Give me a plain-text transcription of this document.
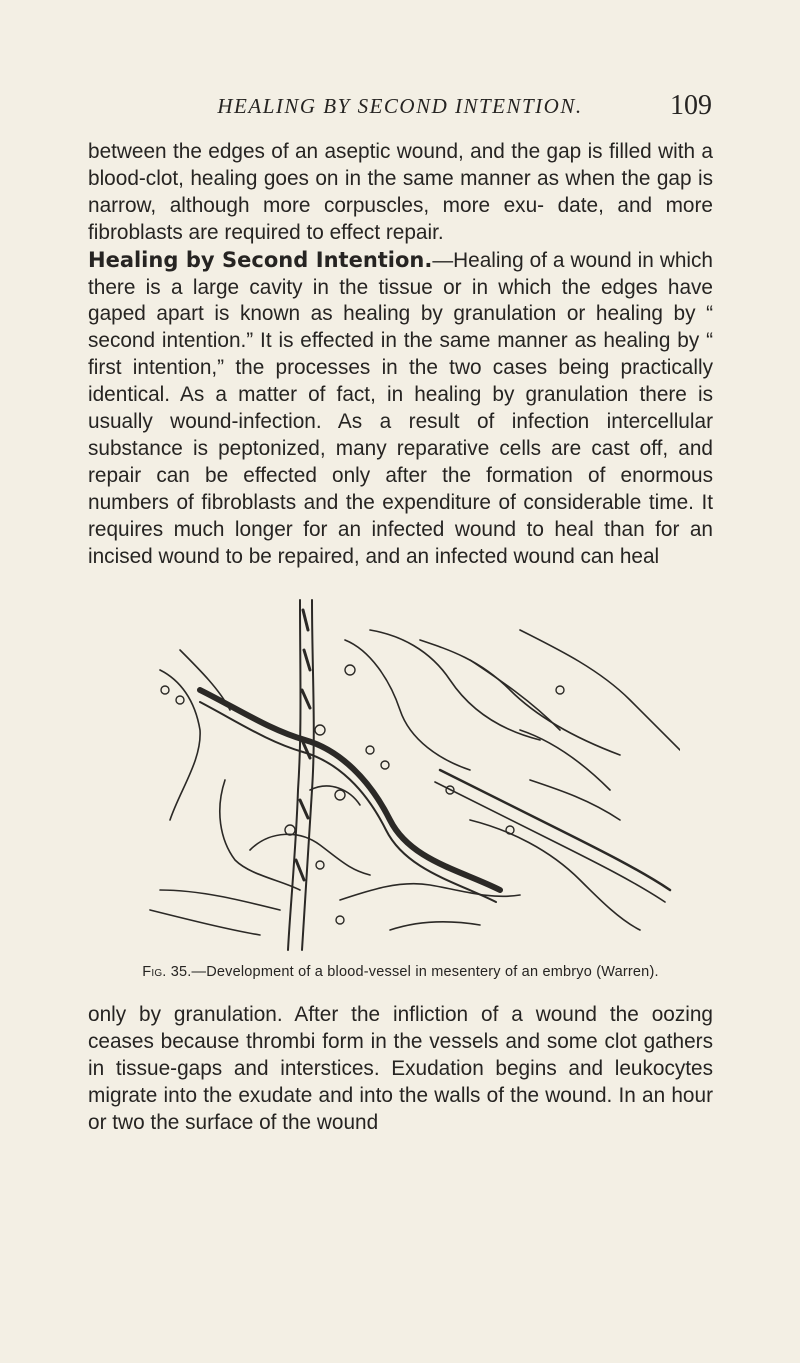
HEALING BY SECOND INTENTION.	109

between the edges of an aseptic wound, and the gap is filled with a blood-clot, healing goes on in the same manner as when the gap is narrow, although more corpuscles, more exu- date, and more fibroblasts are required to effect repair.

Healing by Second Intention.—Healing of a wound in which there is a large cavity in the tissue or in which the edges have gaped apart is known as healing by granulation or healing by “ second intention.” It is effected in the same manner as healing by “ first intention,” the processes in the two cases being practically identical. As a matter of fact, in healing by granulation there is usually wound-infection. As a result of infection intercellular substance is peptonized, many reparative cells are cast off, and repair can be effected only after the formation of enormous numbers of fibroblasts and the expenditure of considerable time. It requires much longer for an infected wound to heal than for an incised wound to be repaired, and an infected wound can heal

Fig. 35.—Development of a blood-vessel in mesentery of an embryo (Warren).

only by granulation. After the infliction of a wound the oozing ceases because thrombi form in the vessels and some clot gathers in tissue-gaps and interstices. Exudation begins and leukocytes migrate into the exudate and into the walls of the wound. In an hour or two the surface of the wound
